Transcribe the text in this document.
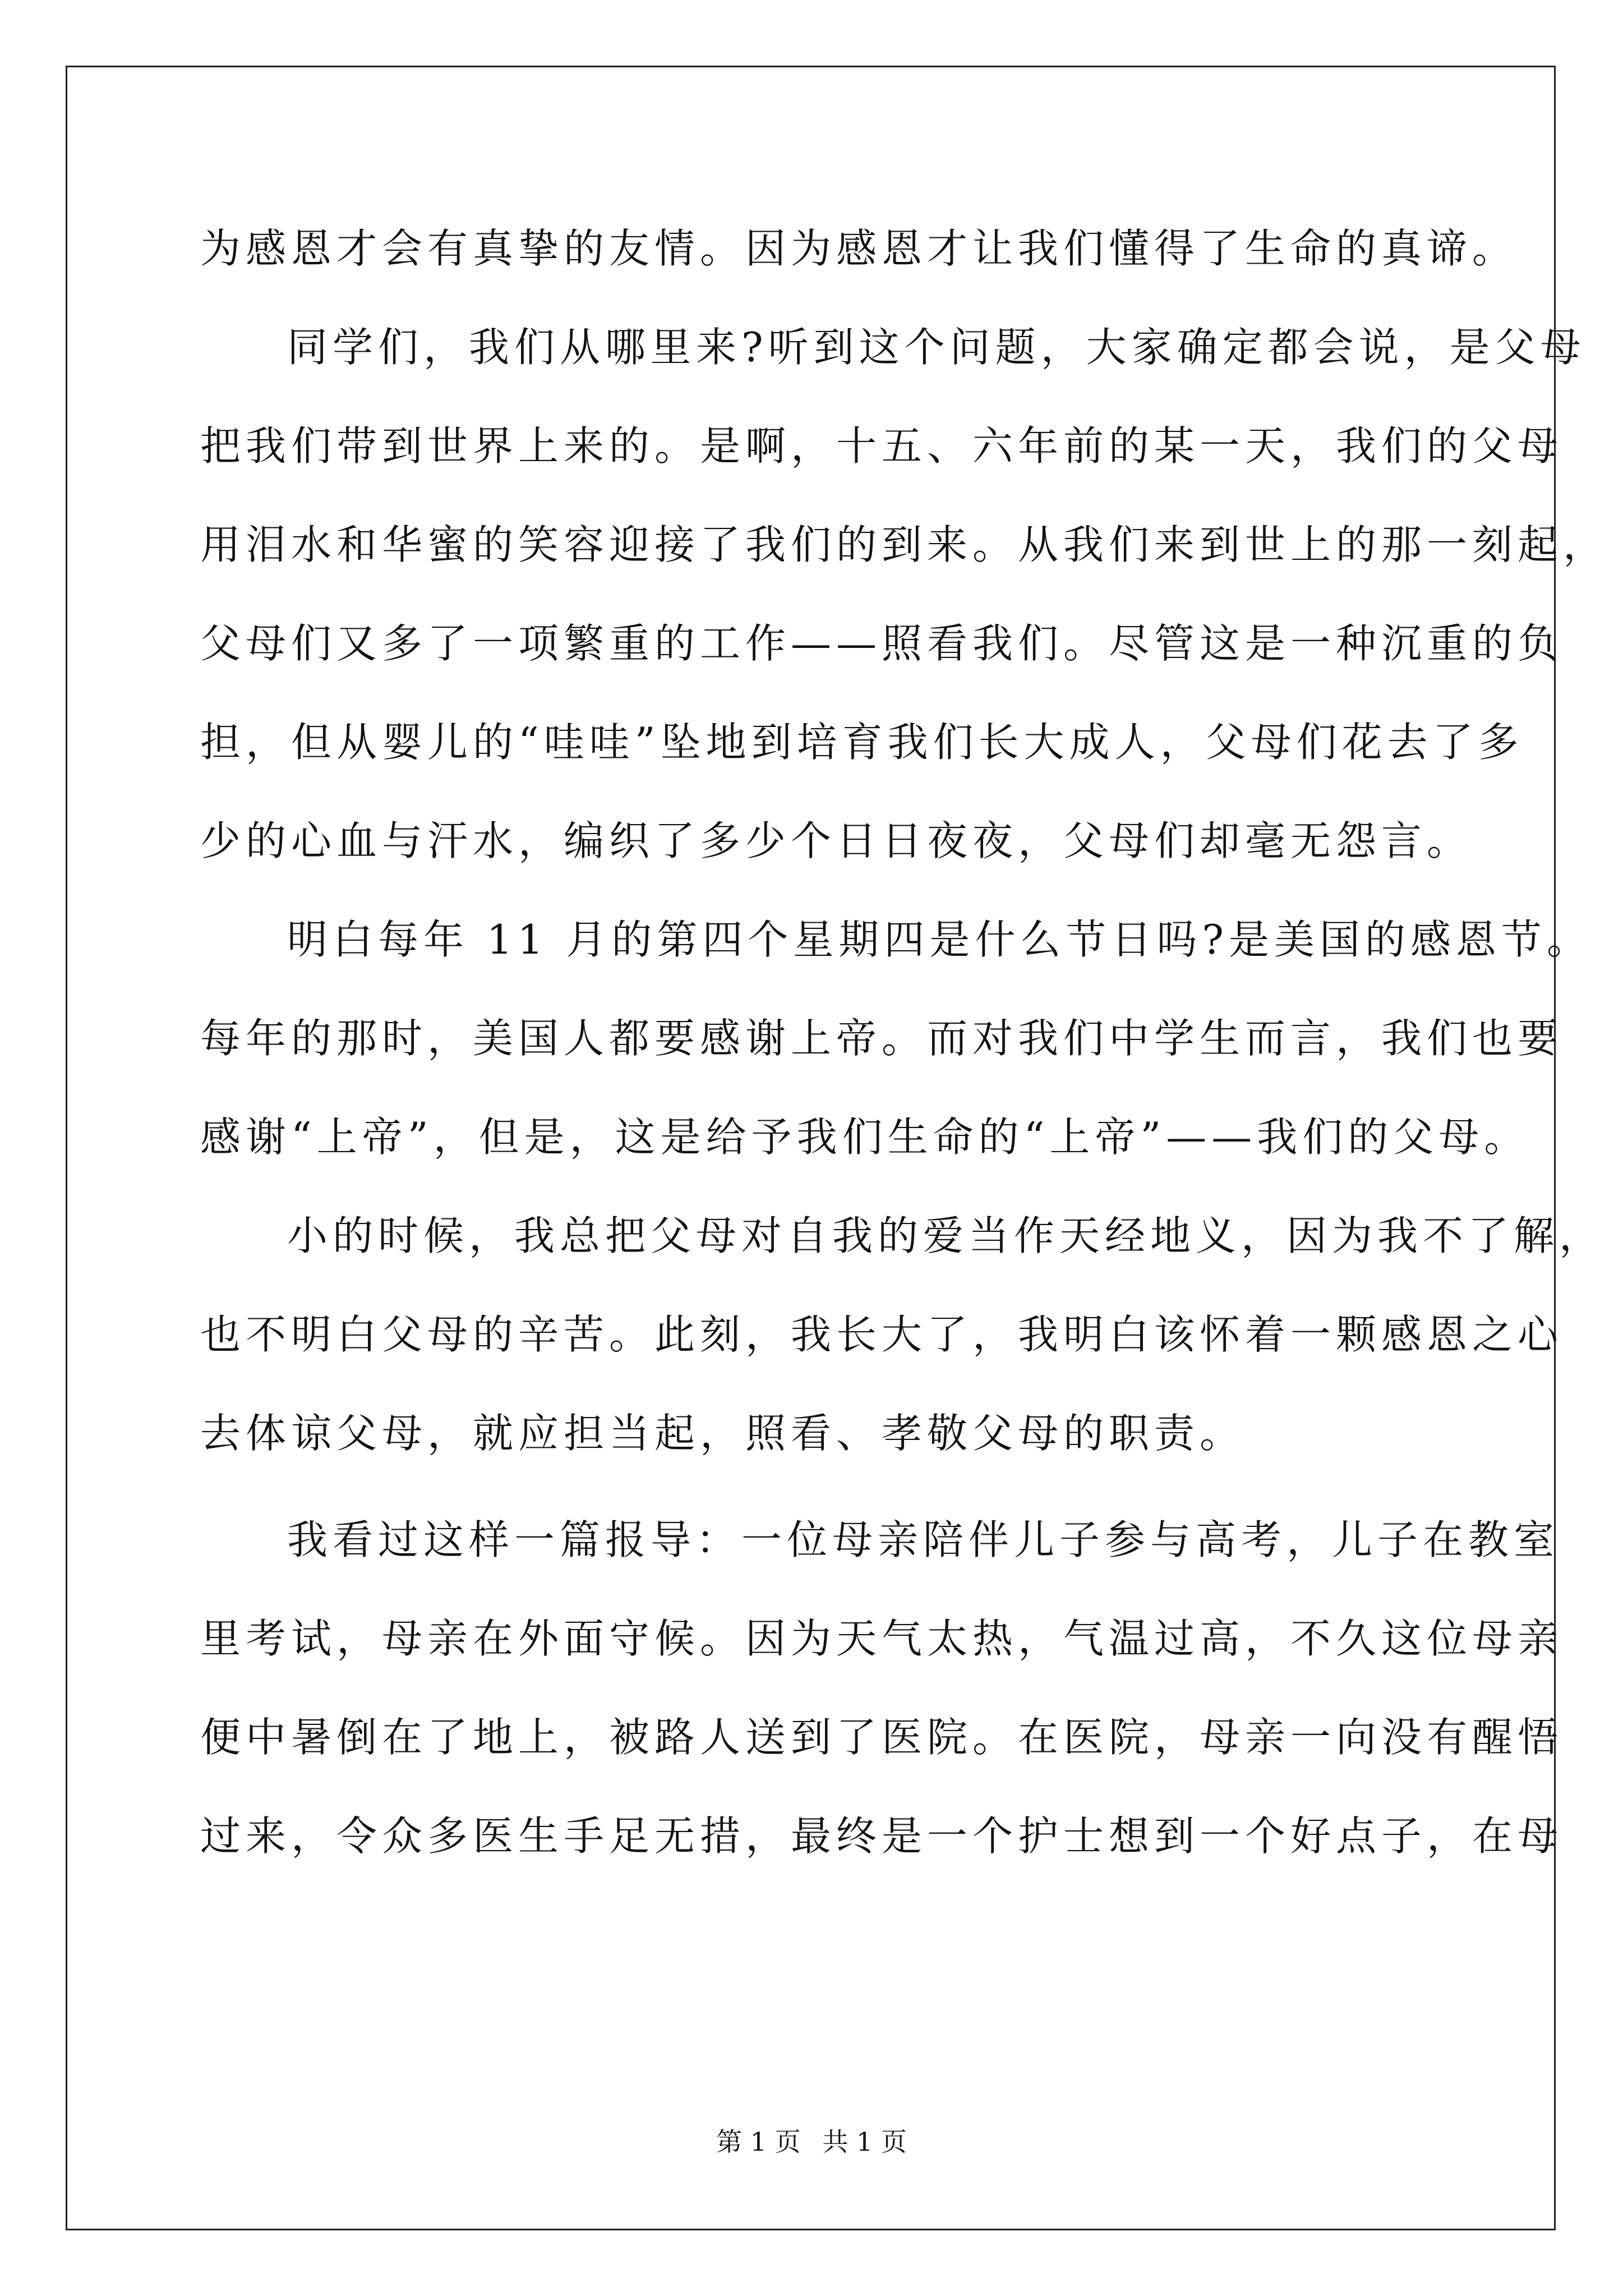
为感恩才会有真挚的友情。因为感恩才让我们懂得了生命的真谛。
同学们，我们从哪里来?听到这个问题，大家确定都会说，是父母
把我们带到世界上来的。是啊，十五、六年前的某一天，我们的父母
用泪水和华蜜的笑容迎接了我们的到来。从我们来到世上的那一刻起，
父母们又多了一项繁重的工作——照看我们。尽管这是一种沉重的负
担，但从婴儿的“哇哇”坠地到培育我们长大成人，父母们花去了多
少的心血与汗水，编织了多少个日日夜夜，父母们却毫无怨言。
明白每年 11 月的第四个星期四是什么节日吗?是美国的感恩节。
每年的那时，美国人都要感谢上帝。而对我们中学生而言，我们也要
感谢“上帝”，但是，这是给予我们生命的“上帝”——我们的父母。
小的时候，我总把父母对自我的爱当作天经地义，因为我不了解，
也不明白父母的辛苦。此刻，我长大了，我明白该怀着一颗感恩之心
去体谅父母，就应担当起，照看、孝敬父母的职责。
我看过这样一篇报导：一位母亲陪伴儿子参与高考，儿子在教室
里考试，母亲在外面守候。因为天气太热，气温过高，不久这位母亲
便中暑倒在了地上，被路人送到了医院。在医院，母亲一向没有醒悟
过来，令众多医生手足无措，最终是一个护士想到一个好点子，在母
第 1 页 共 1 页
